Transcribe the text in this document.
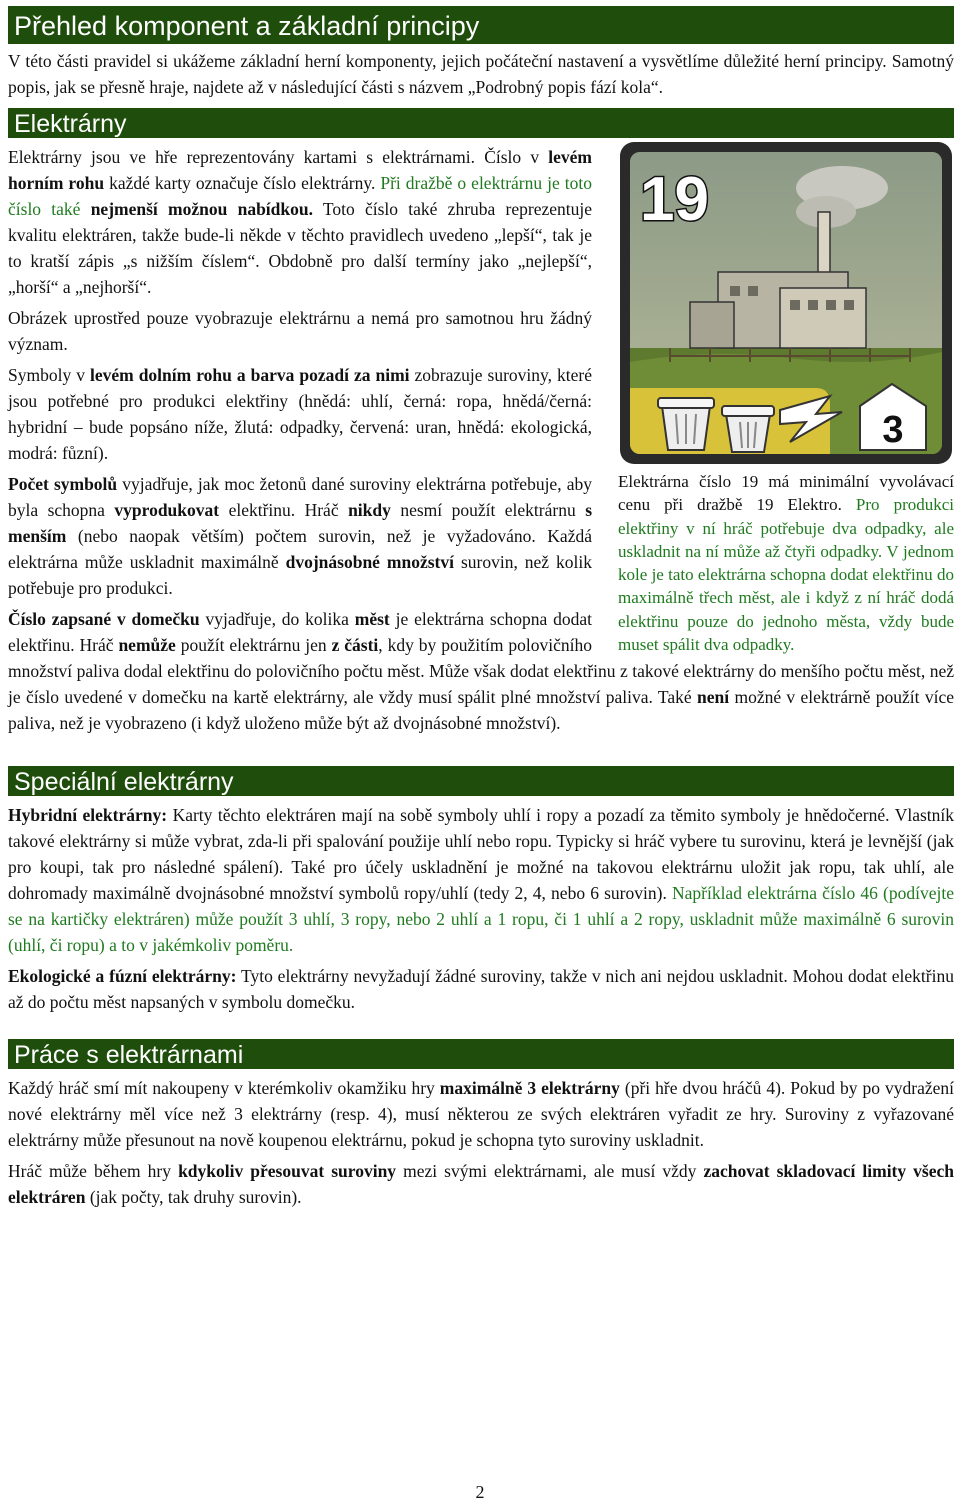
Přehled komponent a základní principy

V této části pravidel si ukážeme základní herní komponenty, jejich počáteční nastavení a vysvětlíme důležité herní principy. Samotný popis, jak se přesně hraje, najdete až v následující části s názvem „Podrobný popis fází kola“.

Elektrárny
19
3

Elektrárna číslo 19 má minimální vyvolávací cenu při dražbě 19 Elektro. Pro produkci elektřiny v ní hráč potřebuje dva odpadky, ale uskladnit na ní může až čtyři odpadky. V jednom kole je tato elektrárna schopna dodat elektřinu do maximálně třech měst, ale i když z ní hráč dodá elektřinu pouze do jednoho města, vždy bude muset spálit dva odpadky.

Elektrárny jsou ve hře reprezentovány kartami s elektrárnami. Číslo v levém horním rohu každé karty označuje číslo elektrárny. Při dražbě o elektrárnu je toto číslo také nejmenší možnou nabídkou. Toto číslo také zhruba reprezentuje kvalitu elektráren, takže bude-li někde v těchto pravidlech uvedeno „lepší“, tak je to kratší zápis „s nižším číslem“. Obdobně pro další termíny jako „nejlepší“, „horší“ a „nejhorší“.

Obrázek uprostřed pouze vyobrazuje elektrárnu a nemá pro samotnou hru žádný význam.

Symboly v levém dolním rohu a barva pozadí za nimi zobrazuje suroviny, které jsou potřebné pro produkci elektřiny (hnědá: uhlí, černá: ropa, hnědá/černá: hybridní – bude popsáno níže, žlutá: odpadky, červená: uran, hnědá: ekologická, modrá: fůzní).

Počet symbolů vyjadřuje, jak moc žetonů dané suroviny elektrárna potřebuje, aby byla schopna vyprodukovat elektřinu. Hráč nikdy nesmí použít elektrárnu s menším (nebo naopak větším) počtem surovin, než je vyžadováno. Každá elektrárna může uskladnit maximálně dvojnásobné množství surovin, než kolik potřebuje pro produkci.

Číslo zapsané v domečku vyjadřuje, do kolika měst je elektrárna schopna dodat elektřinu. Hráč nemůže použít elektrárnu jen z části, kdy by použitím polovičního množství paliva dodal elektřinu do polovičního počtu měst. Může však dodat elektřinu z takové elektrárny do menšího počtu měst, než je číslo uvedené v domečku na kartě elektrárny, ale vždy musí spálit plné množství paliva. Také není možné v elektrárně použít více paliva, než je vyobrazeno (i když uloženo může být až dvojnásobné množství).

Speciální elektrárny

Hybridní elektrárny: Karty těchto elektráren mají na sobě symboly uhlí i ropy a pozadí za těmito symboly je hnědočerné. Vlastník takové elektrárny si může vybrat, zda-li při spalování použije uhlí nebo ropu. Typicky si hráč vybere tu surovinu, která je levnější (jak pro koupi, tak pro následné spálení). Také pro účely uskladnění je možné na takovou elektrárnu uložit jak ropu, tak uhlí, ale dohromady maximálně dvojnásobné množství symbolů ropy/uhlí (tedy 2, 4, nebo 6 surovin). Například elektrárna číslo 46 (podívejte se na kartičky elektráren) může použít 3 uhlí, 3 ropy, nebo 2 uhlí a 1 ropu, či 1 uhlí a 2 ropy, uskladnit může maximálně 6 surovin (uhlí, či ropu) a to v jakémkoliv poměru.

Ekologické a fúzní elektrárny: Tyto elektrárny nevyžadují žádné suroviny, takže v nich ani nejdou uskladnit. Mohou dodat elektřinu až do počtu měst napsaných v symbolu domečku.

Práce s elektrárnami

Každý hráč smí mít nakoupeny v kterémkoliv okamžiku hry maximálně 3 elektrárny (při hře dvou hráčů 4). Pokud by po vydražení nové elektrárny měl více než 3 elektrárny (resp. 4), musí některou ze svých elektráren vyřadit ze hry. Suroviny z vyřazované elektrárny může přesunout na nově koupenou elektrárnu, pokud je schopna tyto suroviny uskladnit.

Hráč může během hry kdykoliv přesouvat suroviny mezi svými elektrárnami, ale musí vždy zachovat skladovací limity všech elektráren (jak počty, tak druhy surovin).

2
